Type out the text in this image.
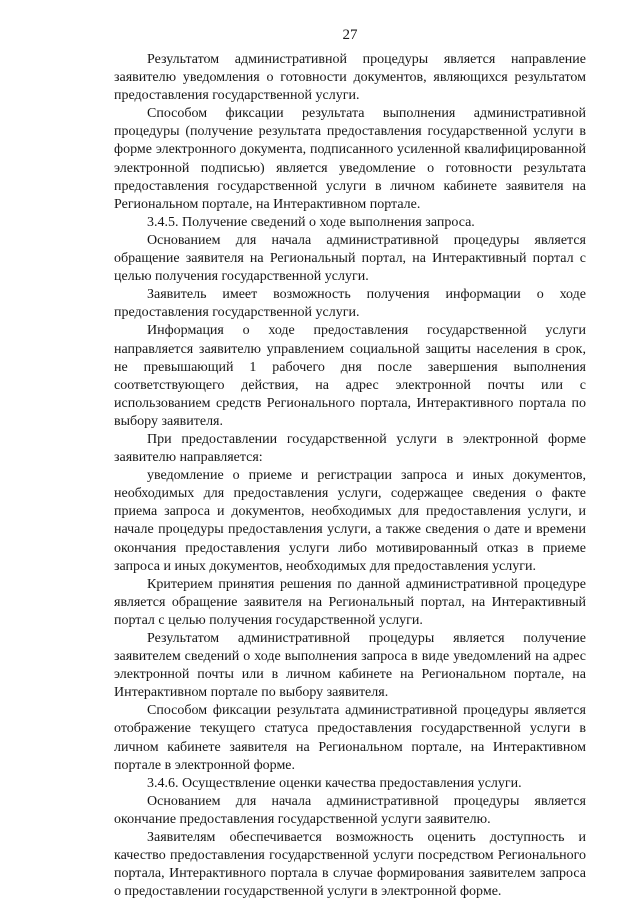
27

Результатом административной процедуры является направление заявителю уведомления о готовности документов, являющихся результатом предоставления государственной услуги.

Способом фиксации результата выполнения административной процедуры (получение результата предоставления государственной услуги в форме электронного документа, подписанного усиленной квалифицированной электронной подписью) является уведомление о готовности результата предоставления государственной услуги в личном кабинете заявителя на Региональном портале, на Интерактивном портале.

3.4.5. Получение сведений о ходе выполнения запроса.

Основанием для начала административной процедуры является обращение заявителя на Региональный портал, на Интерактивный портал с целью получения государственной услуги.

Заявитель имеет возможность получения информации о ходе предоставления государственной услуги.

Информация о ходе предоставления государственной услуги направляется заявителю управлением социальной защиты населения в срок, не превышающий 1 рабочего дня после завершения выполнения соответствующего действия, на адрес электронной почты или с использованием средств Регионального портала, Интерактивного портала по выбору заявителя.

При предоставлении государственной услуги в электронной форме заявителю направляется:

уведомление о приеме и регистрации запроса и иных документов, необходимых для предоставления услуги, содержащее сведения о факте приема запроса и документов, необходимых для предоставления услуги, и начале процедуры предоставления услуги, а также сведения о дате и времени окончания предоставления услуги либо мотивированный отказ в приеме запроса и иных документов, необходимых для предоставления услуги.

Критерием принятия решения по данной административной процедуре является обращение заявителя на Региональный портал, на Интерактивный портал с целью получения государственной услуги.

Результатом административной процедуры является получение заявителем сведений о ходе выполнения запроса в виде уведомлений на адрес электронной почты или в личном кабинете на Региональном портале, на Интерактивном портале по выбору заявителя.

Способом фиксации результата административной процедуры является отображение текущего статуса предоставления государственной услуги в личном кабинете заявителя на Региональном портале, на Интерактивном портале в электронной форме.

3.4.6. Осуществление оценки качества предоставления услуги.

Основанием для начала административной процедуры является окончание предоставления государственной услуги заявителю.

Заявителям обеспечивается возможность оценить доступность и качество предоставления государственной услуги посредством Регионального портала, Интерактивного портала в случае формирования заявителем запроса о предоставлении государственной услуги в электронной форме.
